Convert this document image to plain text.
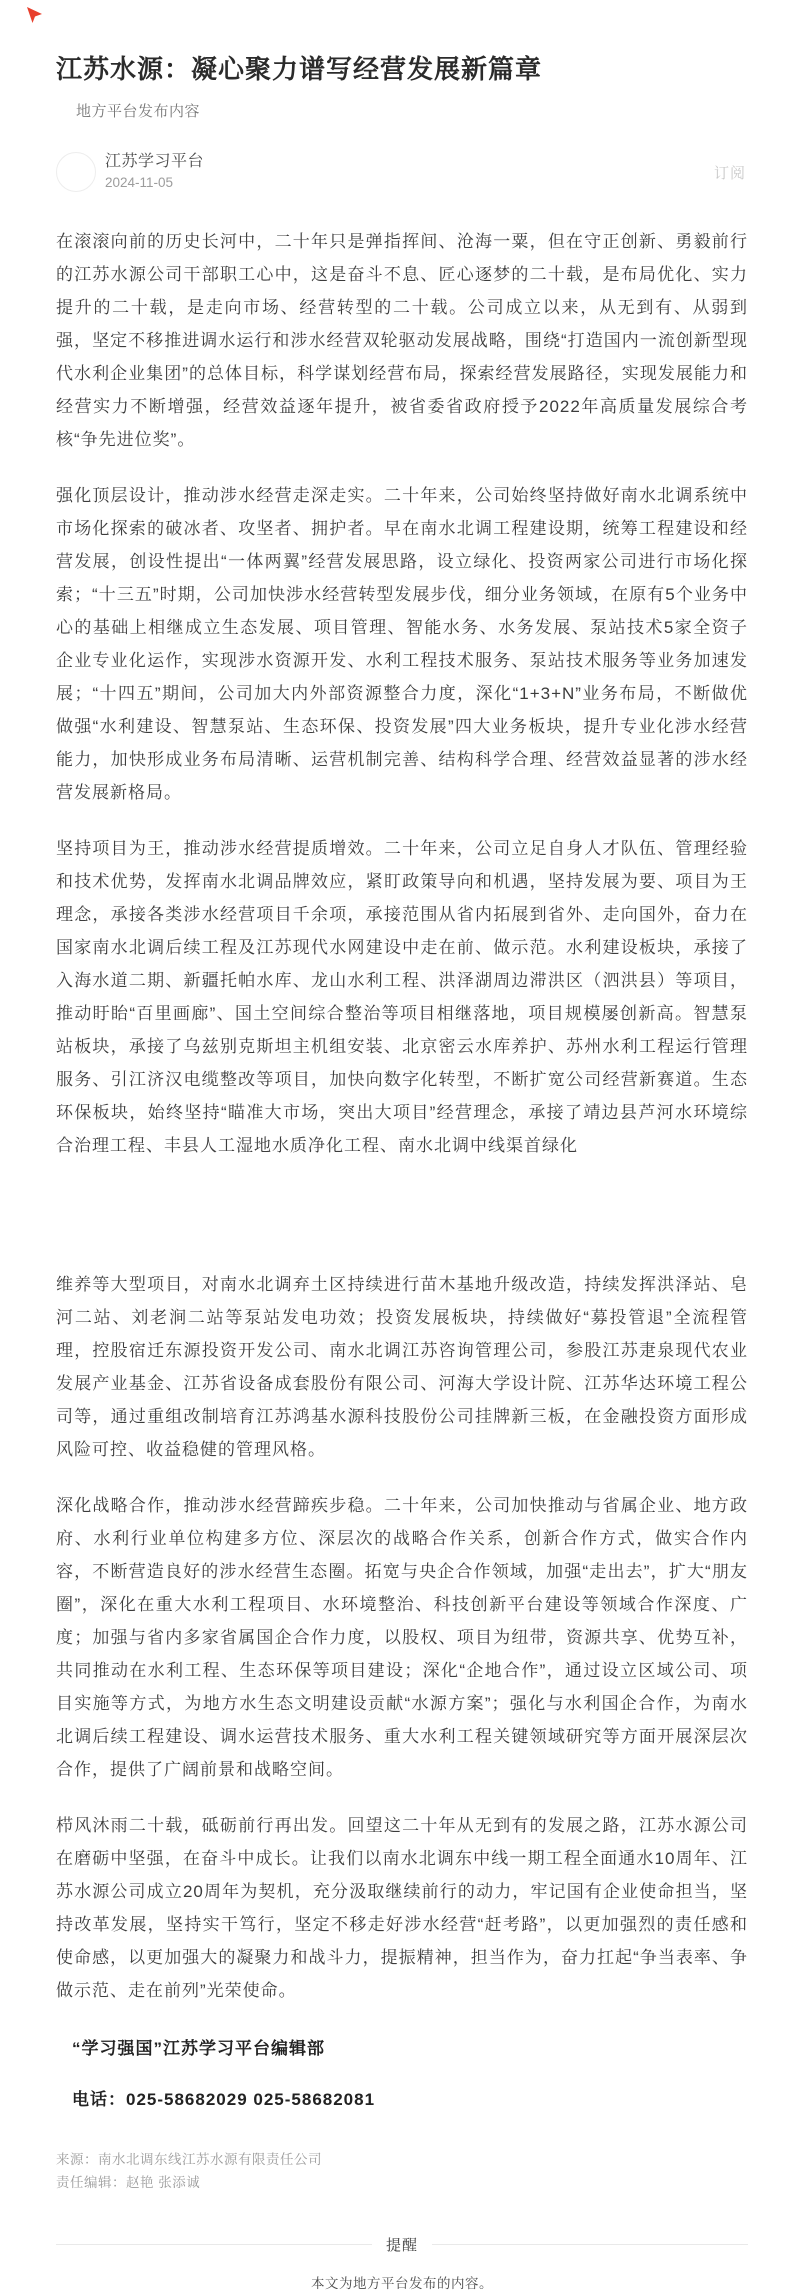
江苏水源：凝心聚力谱写经营发展新篇章
地方平台发布内容
江苏学习平台
2024-11-05
订阅

在滚滚向前的历史长河中，二十年只是弹指挥间、沧海一粟，但在守正创新、勇毅前行的江苏水源公司干部职工心中，这是奋斗不息、匠心逐梦的二十载，是布局优化、实力提升的二十载，是走向市场、经营转型的二十载。公司成立以来，从无到有、从弱到强，坚定不移推进调水运行和涉水经营双轮驱动发展战略，围绕“打造国内一流创新型现代水利企业集团”的总体目标，科学谋划经营布局，探索经营发展路径，实现发展能力和经营实力不断增强，经营效益逐年提升，被省委省政府授予2022年高质量发展综合考核“争先进位奖”。

强化顶层设计，推动涉水经营走深走实。二十年来，公司始终坚持做好南水北调系统中市场化探索的破冰者、攻坚者、拥护者。早在南水北调工程建设期，统筹工程建设和经营发展，创设性提出“一体两翼”经营发展思路，设立绿化、投资两家公司进行市场化探索；“十三五”时期，公司加快涉水经营转型发展步伐，细分业务领域，在原有5个业务中心的基础上相继成立生态发展、项目管理、智能水务、水务发展、泵站技术5家全资子企业专业化运作，实现涉水资源开发、水利工程技术服务、泵站技术服务等业务加速发展；“十四五”期间，公司加大内外部资源整合力度，深化“1+3+N”业务布局，不断做优做强“水利建设、智慧泵站、生态环保、投资发展”四大业务板块，提升专业化涉水经营能力，加快形成业务布局清晰、运营机制完善、结构科学合理、经营效益显著的涉水经营发展新格局。

坚持项目为王，推动涉水经营提质增效。二十年来，公司立足自身人才队伍、管理经验和技术优势，发挥南水北调品牌效应，紧盯政策导向和机遇，坚持发展为要、项目为王理念，承接各类涉水经营项目千余项，承接范围从省内拓展到省外、走向国外，奋力在国家南水北调后续工程及江苏现代水网建设中走在前、做示范。水利建设板块，承接了入海水道二期、新疆托帕水库、龙山水利工程、洪泽湖周边滞洪区（泗洪县）等项目，推动盱眙“百里画廊”、国土空间综合整治等项目相继落地，项目规模屡创新高。智慧泵站板块，承接了乌兹别克斯坦主机组安装、北京密云水库养护、苏州水利工程运行管理服务、引江济汉电缆整改等项目，加快向数字化转型，不断扩宽公司经营新赛道。生态环保板块，始终坚持“瞄准大市场，突出大项目”经营理念，承接了靖边县芦河水环境综合治理工程、丰县人工湿地水质净化工程、南水北调中线渠首绿化

维养等大型项目，对南水北调弃土区持续进行苗木基地升级改造，持续发挥洪泽站、皂河二站、刘老涧二站等泵站发电功效；投资发展板块，持续做好“募投管退”全流程管理，控股宿迁东源投资开发公司、南水北调江苏咨询管理公司，参股江苏疌泉现代农业发展产业基金、江苏省设备成套股份有限公司、河海大学设计院、江苏华达环境工程公司等，通过重组改制培育江苏鸿基水源科技股份公司挂牌新三板，在金融投资方面形成风险可控、收益稳健的管理风格。

深化战略合作，推动涉水经营蹄疾步稳。二十年来，公司加快推动与省属企业、地方政府、水利行业单位构建多方位、深层次的战略合作关系，创新合作方式，做实合作内容，不断营造良好的涉水经营生态圈。拓宽与央企合作领域，加强“走出去”，扩大“朋友圈”，深化在重大水利工程项目、水环境整治、科技创新平台建设等领域合作深度、广度；加强与省内多家省属国企合作力度，以股权、项目为纽带，资源共享、优势互补，共同推动在水利工程、生态环保等项目建设；深化“企地合作”，通过设立区域公司、项目实施等方式，为地方水生态文明建设贡献“水源方案”；强化与水利国企合作，为南水北调后续工程建设、调水运营技术服务、重大水利工程关键领域研究等方面开展深层次合作，提供了广阔前景和战略空间。

栉风沐雨二十载，砥砺前行再出发。回望这二十年从无到有的发展之路，江苏水源公司在磨砺中坚强，在奋斗中成长。让我们以南水北调东中线一期工程全面通水10周年、江苏水源公司成立20周年为契机，充分汲取继续前行的动力，牢记国有企业使命担当，坚持改革发展，坚持实干笃行，坚定不移走好涉水经营“赶考路”，以更加强烈的责任感和使命感，以更加强大的凝聚力和战斗力，提振精神，担当作为，奋力扛起“争当表率、争做示范、走在前列”光荣使命。

“学习强国”江苏学习平台编辑部

电话：025-58682029 025-58682081

来源：南水北调东线江苏水源有限责任公司
责任编辑：赵艳 张添诚
提醒
本文为地方平台发布的内容。
